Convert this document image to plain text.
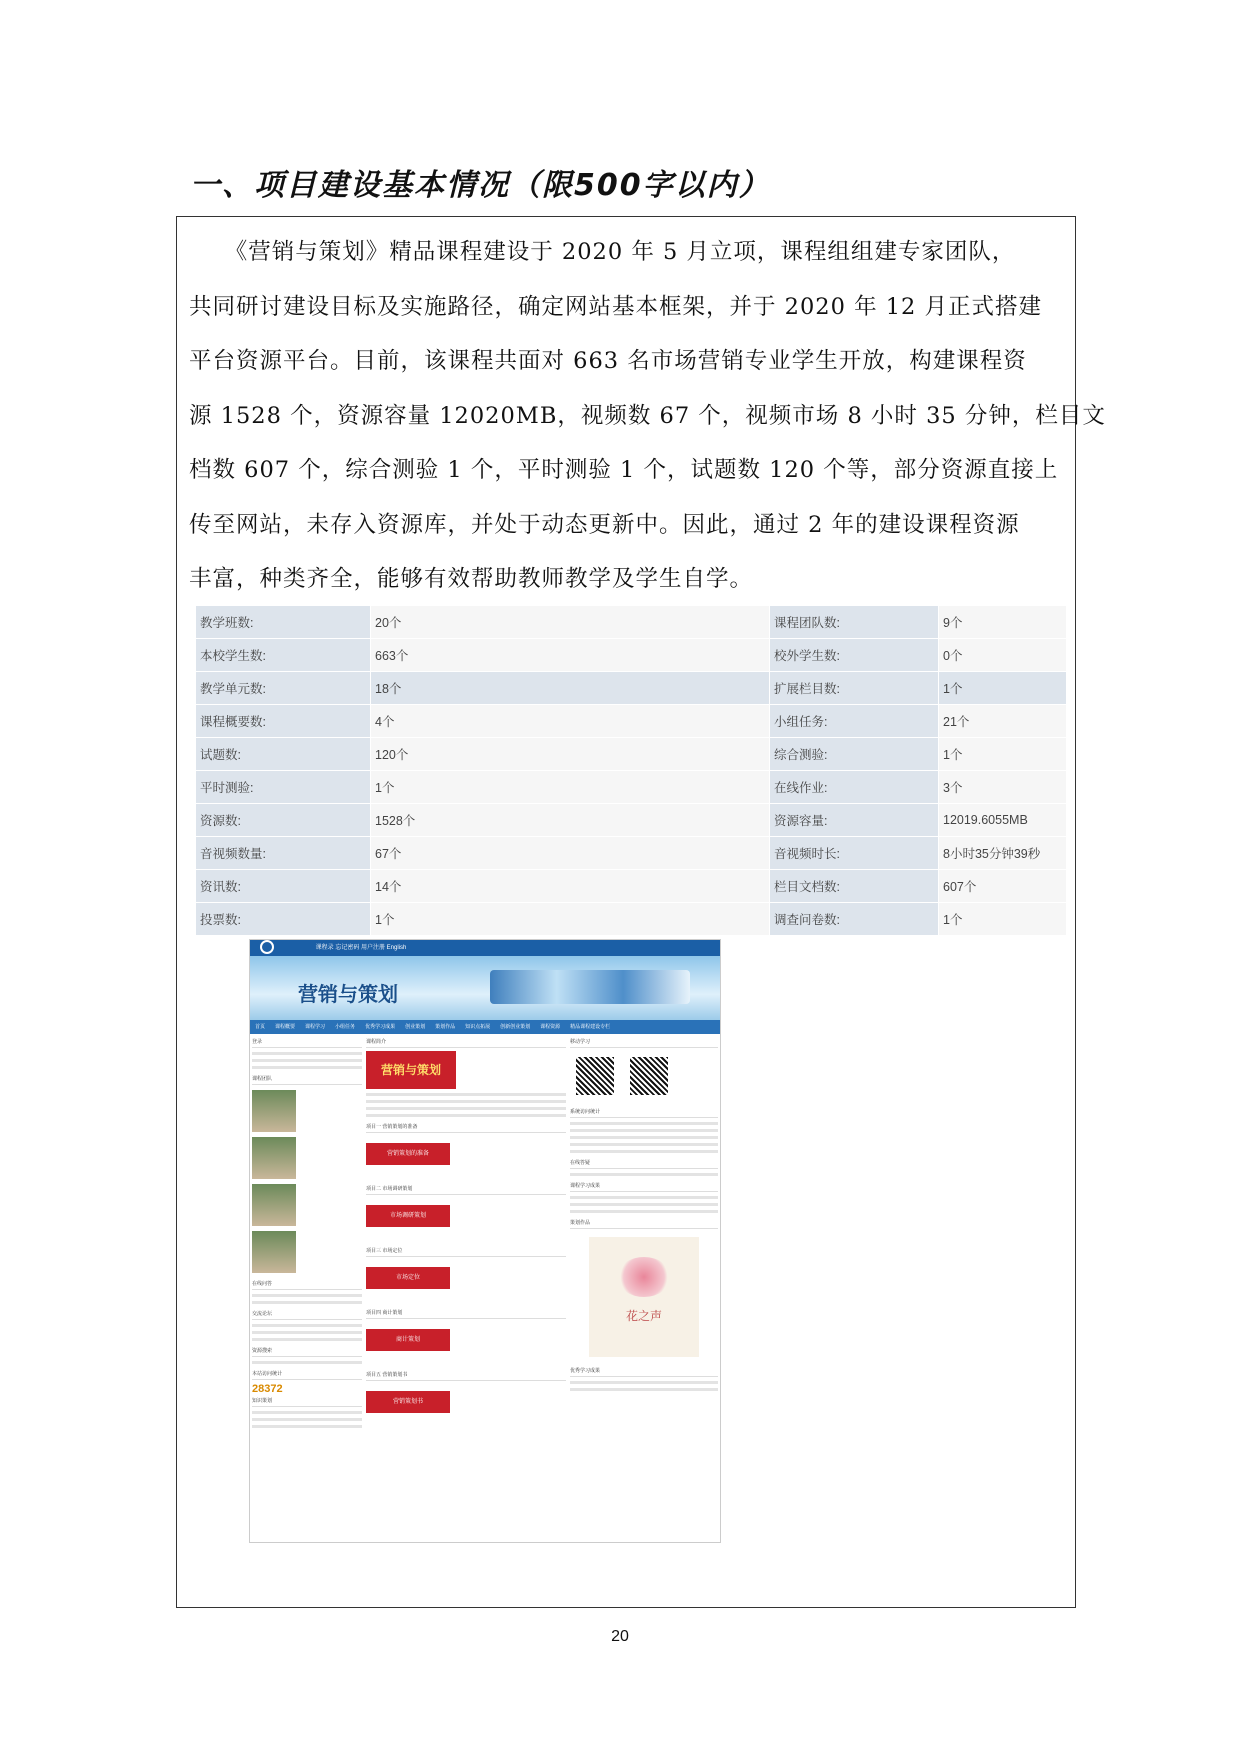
一、项目建设基本情况（限500字以内）
　　《营销与策划》精品课程建设于 2020 年 5 月立项，课程组组建专家团队，
共同研讨建设目标及实施路径，确定网站基本框架，并于 2020 年 12 月正式搭建
平台资源平台。目前，该课程共面对 663 名市场营销专业学生开放，构建课程资
源 1528 个，资源容量 12020MB，视频数 67 个，视频市场 8 小时 35 分钟，栏目文
档数 607 个，综合测验 1 个，平时测验 1 个，试题数 120 个等，部分资源直接上
传至网站，未存入资源库，并处于动态更新中。因此，通过 2 年的建设课程资源
丰富，种类齐全，能够有效帮助教师教学及学生自学。
教学班数:	20个	课程团队数:	9个
本校学生数:	663个	校外学生数:	0个
教学单元数:	18个	扩展栏目数:	1个
课程概要数:	4个	小组任务:	21个
试题数:	120个	综合测验:	1个
平时测验:	1个	在线作业:	3个
资源数:	1528个	资源容量:	12019.6055MB
音视频数量:	67个	音视频时长:	8小时35分钟39秒
资讯数:	14个	栏目文档数:	607个
投票数:	1个	调查问卷数:	1个
课程录 忘记密码 用户注册 English
营销与策划
首页 课程概要 课程学习 小组任务 优秀学习成果 创业策划 策划作品 知识点拓展 创新创业策划 课程资源 精品课程建设专栏
登录
课程团队
在线问答
交流论坛
资源搜索
本站访问统计
28372
知识策划
课程简介
营销与策划
项目一 营销策划的准备
营销策划的准备
项目二 市场调研策划
市场调研策划
项目三 市场定位
市场定位
项目四 商计策划
商计策划
项目五 营销策划书
营销策划书
移动学习

系统访问统计
在线答疑
课程学习成果
策划作品
花之声
优秀学习成果
20
